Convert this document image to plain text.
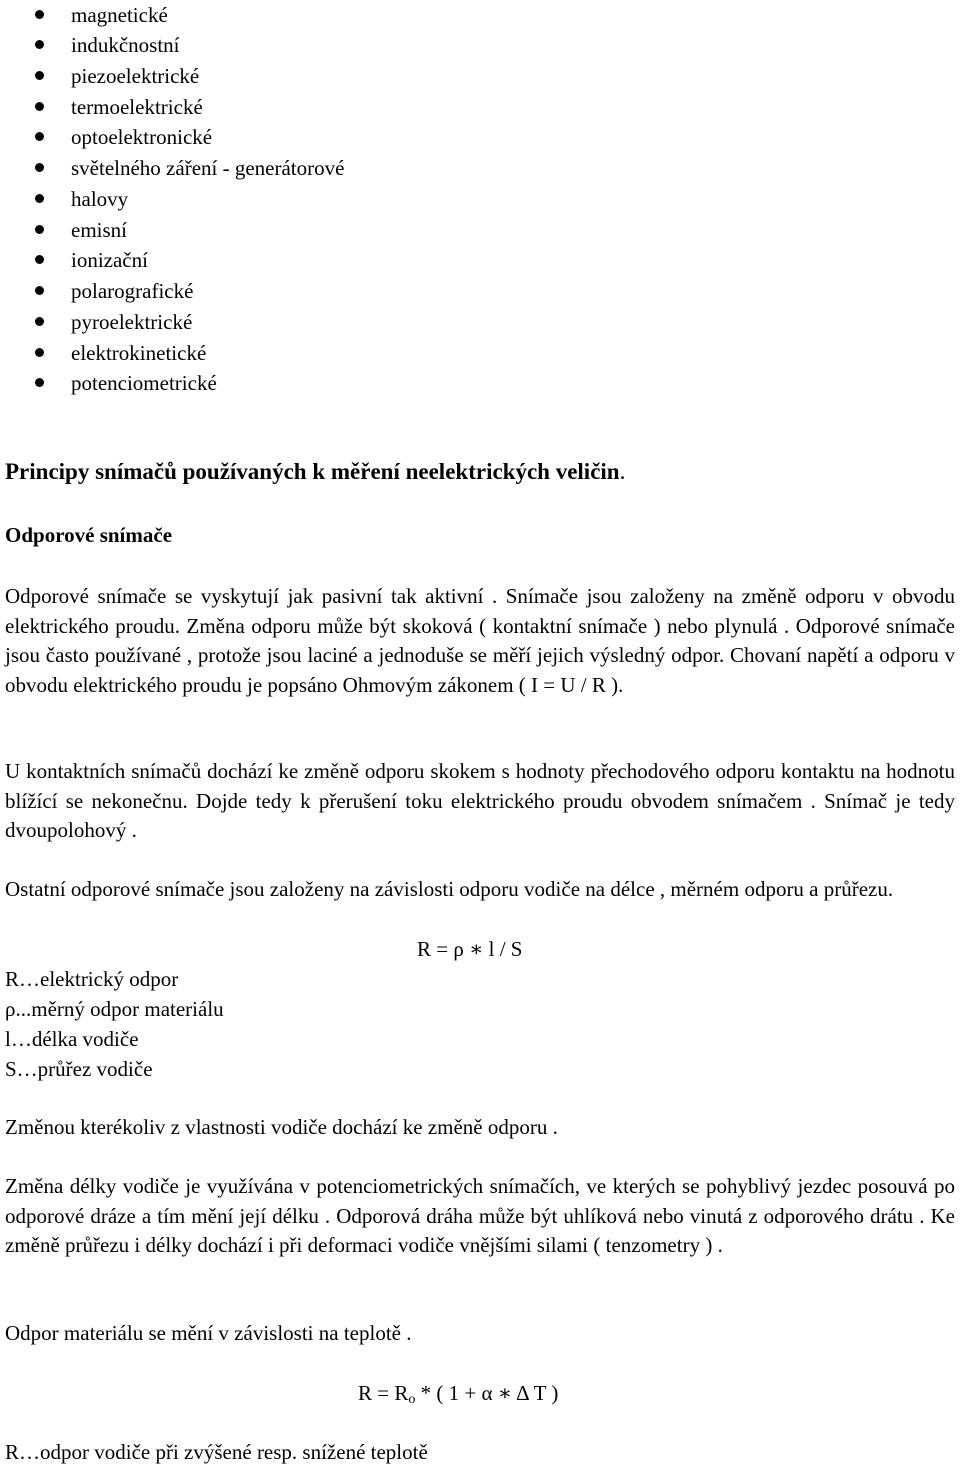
magnetické
indukčnostní
piezoelektrické
termoelektrické
optoelektronické
světelného záření - generátorové
halovy
emisní
ionizační
polarografické
pyroelektrické
elektrokinetické
potenciometrické
Principy snímačů používaných k měření neelektrických veličin.
Odporové snímače

Odporové snímače se vyskytují jak pasivní tak aktivní . Snímače jsou založeny na změně odporu v obvodu elektrického proudu. Změna odporu může být skoková ( kontaktní snímače ) nebo plynulá . Odporové snímače jsou často používané , protože jsou laciné a jednoduše se měří jejich výsledný odpor. Chovaní napětí a odporu v obvodu elektrického proudu je popsáno Ohmovým zákonem ( I = U / R ).

U kontaktních snímačů dochází ke změně odporu skokem s hodnoty přechodového odporu kontaktu na hodnotu blížící se nekonečnu. Dojde tedy k přerušení toku elektrického proudu obvodem snímačem . Snímač je tedy dvoupolohový .

Ostatní odporové snímače jsou založeny na závislosti odporu vodiče na délce , měrném odporu a průřezu.

R = ρ ∗ l / S
R…elektrický odpor
ρ...měrný odpor materiálu
l…délka vodiče
S…průřez vodiče

Změnou kterékoliv z vlastnosti vodiče dochází ke změně odporu .

Změna délky vodiče je využívána v potenciometrických snímačích, ve kterých se pohyblivý jezdec posouvá po odporové dráze a tím mění její délku . Odporová dráha může být uhlíková nebo vinutá z odporového drátu . Ke změně průřezu i délky dochází i při deformaci vodiče vnějšími silami ( tenzometry ) .

Odpor materiálu se mění v závislosti na teplotě .

$R = R_o$ * ( 1 + α ∗ Δ T )
R…odpor vodiče při zvýšené resp. snížené teplotě
